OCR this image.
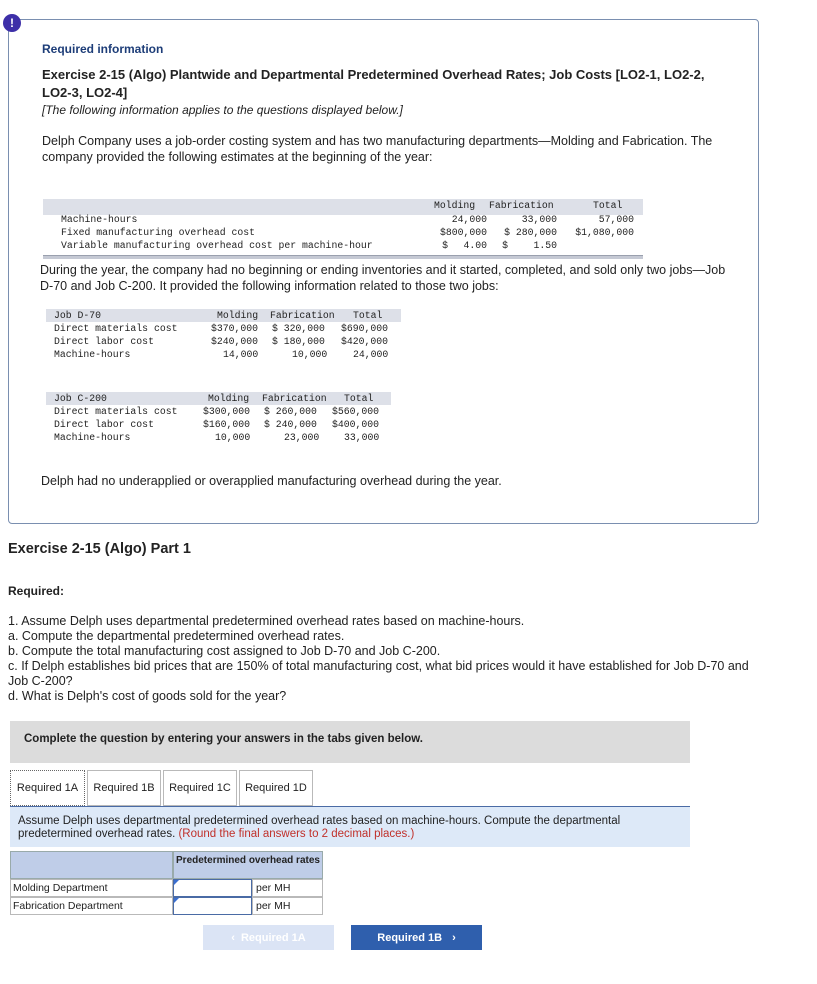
!
Required information
Exercise 2-15 (Algo) Plantwide and Departmental Predetermined Overhead Rates; Job Costs [LO2-1, LO2-2, LO2-3, LO2-4]
[The following information applies to the questions displayed below.]
Delph Company uses a job-order costing system and has two manufacturing departments—Molding and Fabrication. The company provided the following estimates at the beginning of the year:
Molding Fabrication	Total
Machine-hours	24,000	33,000	57,000
Fixed manufacturing overhead cost	$800,000	$ 280,000	$1,080,000
Variable manufacturing overhead cost per machine-hour	$	4.00	$	1.50
During the year, the company had no beginning or ending inventories and it started, completed, and sold only two jobs—Job D-70 and Job C-200. It provided the following information related to those two jobs:
Job D-70	Molding Fabrication Total
Direct materials cost	$370,000 $ 320,000 $690,000
Direct labor cost	$240,000 $ 180,000 $420,000
Machine-hours	14,000	10,000	24,000
Job C-200	Molding Fabrication Total
Direct materials cost	$300,000 $ 260,000 $560,000
Direct labor cost	$160,000 $ 240,000 $400,000
Machine-hours	10,000	23,000	33,000
Delph had no underapplied or overapplied manufacturing overhead during the year.
Exercise 2-15 (Algo) Part 1
Required:
1. Assume Delph uses departmental predetermined overhead rates based on machine-hours.
a. Compute the departmental predetermined overhead rates.
b. Compute the total manufacturing cost assigned to Job D-70 and Job C-200.
c. If Delph establishes bid prices that are 150% of total manufacturing cost, what bid prices would it have established for Job D-70 and Job C-200?
d. What is Delph's cost of goods sold for the year?
Complete the question by entering your answers in the tabs given below.
Required 1A	Required 1B	Required 1C	Required 1D
Assume Delph uses departmental predetermined overhead rates based on machine-hours. Compute the departmental predetermined overhead rates. (Round the final answers to 2 decimal places.)
Predetermined overhead rates
Molding Department	per MH
Fabrication Department	per MH
‹ Required 1A	Required 1B ›
